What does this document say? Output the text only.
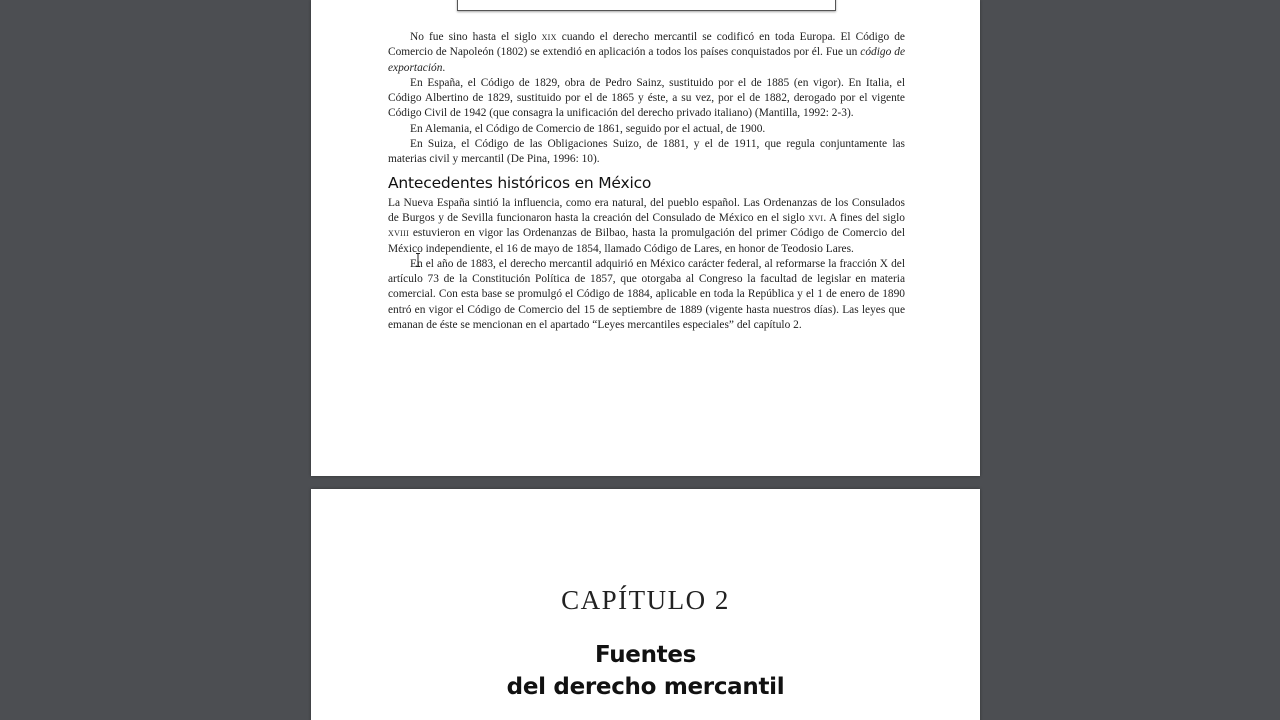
No fue sino hasta el siglo xix cuando el derecho mercantil se codificó en toda Europa. El Código de Comercio de Napoleón (1802) se extendió en aplicación a todos los países conquistados por él. Fue un código de exportación.

En España, el Código de 1829, obra de Pedro Sainz, sustituido por el de 1885 (en vigor). En Italia, el Código Albertino de 1829, sustituido por el de 1865 y éste, a su vez, por el de 1882, derogado por el vigente Código Civil de 1942 (que consagra la unificación del derecho privado italiano) (Mantilla, 1992: 2-3).

En Alemania, el Código de Comercio de 1861, seguido por el actual, de 1900.

En Suiza, el Código de las Obligaciones Suizo, de 1881, y el de 1911, que regula conjuntamente las materias civil y mercantil (De Pina, 1996: 10).

Antecedentes históricos en México

La Nueva España sintió la influencia, como era natural, del pueblo español. Las Ordenanzas de los Consulados de Burgos y de Sevilla funcionaron hasta la creación del Consulado de México en el siglo xvi. A fines del siglo xviii estuvieron en vigor las Ordenanzas de Bilbao, hasta la promulgación del primer Código de Comercio del México independiente, el 16 de mayo de 1854, llamado Código de Lares, en honor de Teodosio Lares.

En el año de 1883, el derecho mercantil adquirió en México carácter federal, al reformarse la fracción X del artículo 73 de la Constitución Política de 1857, que otorgaba al Congreso la facultad de legislar en materia comercial. Con esta base se promulgó el Código de 1884, aplicable en toda la República y el 1 de enero de 1890 entró en vigor el Código de Comercio del 15 de septiembre de 1889 (vigente hasta nuestros días). Las leyes que emanan de éste se mencionan en el apartado “Leyes mercantiles especiales” del capítulo 2.

CAPÍTULO 2
Fuentes
del derecho mercantil
